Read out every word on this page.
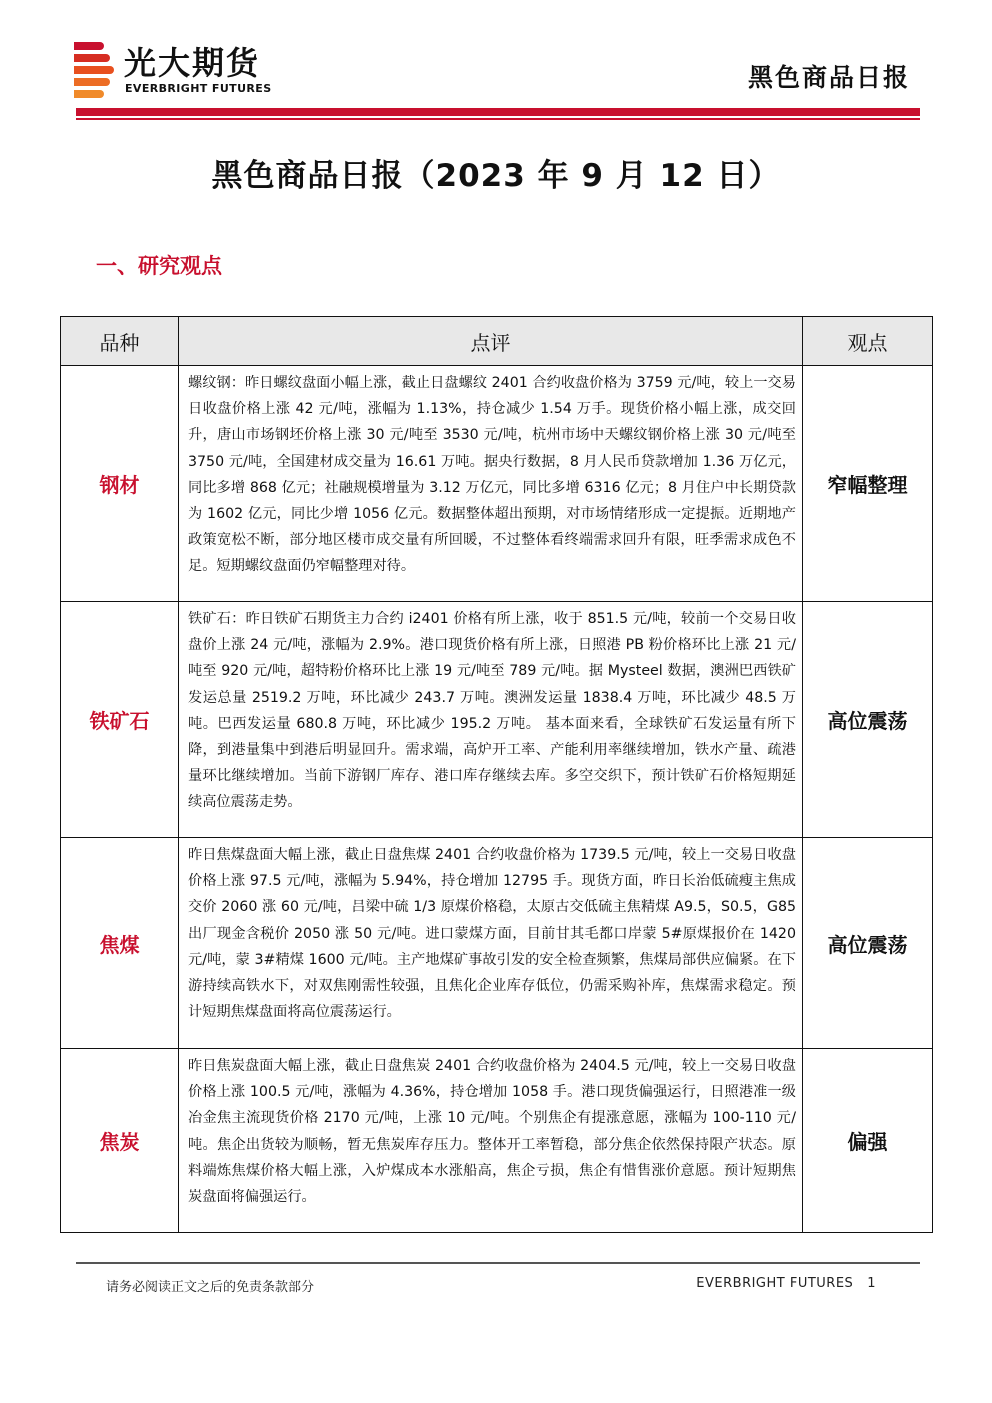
光大期货
EVERBRIGHT FUTURES	黑色商品日报
黑色商品日报（2023 年 9 月 12 日）
一、研究观点
品种	点评	观点
钢材	螺纹钢：昨日螺纹盘面小幅上涨，截止日盘螺纹 2401 合约收盘价格为 3759 元/吨，较上一交易日收盘价格上涨 42 元/吨，涨幅为 1.13%，持仓减少 1.54 万手。现货价格小幅上涨，成交回升，唐山市场钢坯价格上涨 30 元/吨至 3530 元/吨，杭州市场中天螺纹钢价格上涨 30 元/吨至 3750 元/吨，全国建材成交量为 16.61 万吨。据央行数据，8 月人民币贷款增加 1.36 万亿元，同比多增 868 亿元；社融规模增量为 3.12 万亿元，同比多增 6316 亿元；8 月住户中长期贷款为 1602 亿元，同比少增 1056 亿元。数据整体超出预期，对市场情绪形成一定提振。近期地产政策宽松不断，部分地区楼市成交量有所回暖，不过整体看终端需求回升有限，旺季需求成色不足。短期螺纹盘面仍窄幅整理对待。	窄幅整理
铁矿石	铁矿石：昨日铁矿石期货主力合约 i2401 价格有所上涨，收于 851.5 元/吨，较前一个交易日收盘价上涨 24 元/吨，涨幅为 2.9%。港口现货价格有所上涨，日照港 PB 粉价格环比上涨 21 元/吨至 920 元/吨，超特粉价格环比上涨 19 元/吨至 789 元/吨。据 Mysteel 数据，澳洲巴西铁矿发运总量 2519.2 万吨，环比减少 243.7 万吨。澳洲发运量 1838.4 万吨，环比减少 48.5 万吨。巴西发运量 680.8 万吨，环比减少 195.2 万吨。 基本面来看，全球铁矿石发运量有所下降，到港量集中到港后明显回升。需求端，高炉开工率、产能利用率继续增加，铁水产量、疏港量环比继续增加。当前下游钢厂库存、港口库存继续去库。多空交织下，预计铁矿石价格短期延续高位震荡走势。	高位震荡
焦煤	昨日焦煤盘面大幅上涨，截止日盘焦煤 2401 合约收盘价格为 1739.5 元/吨，较上一交易日收盘价格上涨 97.5 元/吨，涨幅为 5.94%，持仓增加 12795 手。现货方面，昨日长治低硫瘦主焦成交价 2060 涨 60 元/吨，吕梁中硫 1/3 原煤价格稳，太原古交低硫主焦精煤 A9.5，S0.5，G85 出厂现金含税价 2050 涨 50 元/吨。进口蒙煤方面，目前甘其毛都口岸蒙 5#原煤报价在 1420 元/吨，蒙 3#精煤 1600 元/吨。主产地煤矿事故引发的安全检查频繁，焦煤局部供应偏紧。在下游持续高铁水下，对双焦刚需性较强，且焦化企业库存低位，仍需采购补库，焦煤需求稳定。预计短期焦煤盘面将高位震荡运行。	高位震荡
焦炭	昨日焦炭盘面大幅上涨，截止日盘焦炭 2401 合约收盘价格为 2404.5 元/吨，较上一交易日收盘价格上涨 100.5 元/吨，涨幅为 4.36%，持仓增加 1058 手。港口现货偏强运行，日照港准一级冶金焦主流现货价格 2170 元/吨，上涨 10 元/吨。个别焦企有提涨意愿，涨幅为 100-110 元/吨。焦企出货较为顺畅，暂无焦炭库存压力。整体开工率暂稳，部分焦企依然保持限产状态。原料端炼焦煤价格大幅上涨，入炉煤成本水涨船高，焦企亏损，焦企有惜售涨价意愿。预计短期焦炭盘面将偏强运行。	偏强
请务必阅读正文之后的免责条款部分	EVERBRIGHT FUTURES 1
